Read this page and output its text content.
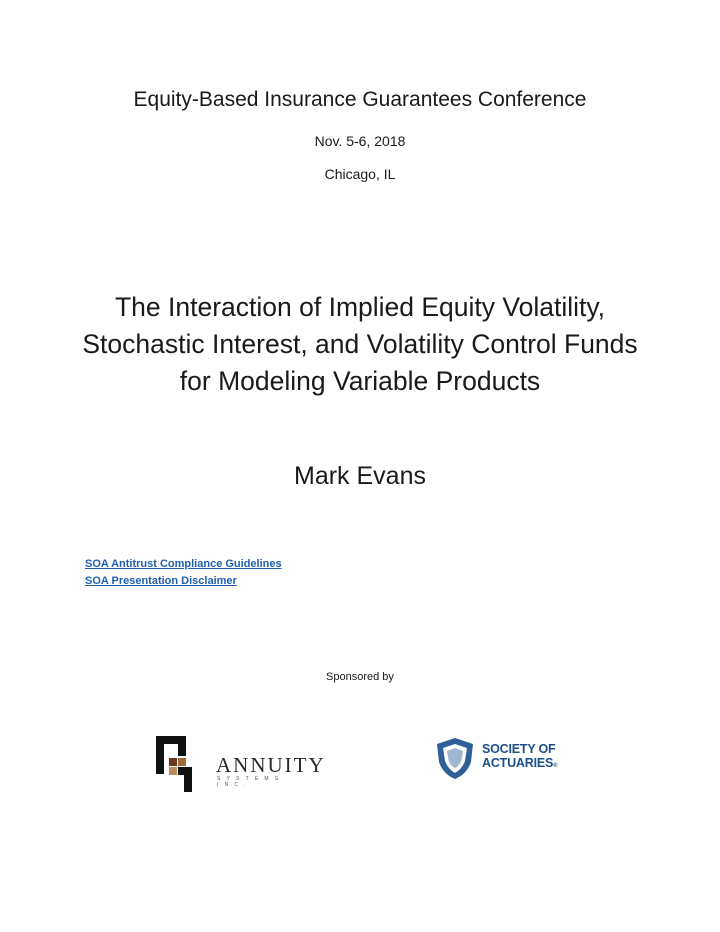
Equity-Based Insurance Guarantees Conference
Nov. 5-6, 2018
Chicago, IL
The Interaction of Implied Equity Volatility,
Stochastic Interest, and Volatility Control Funds
for Modeling Variable Products
Mark Evans
SOA Antitrust Compliance Guidelines
SOA Presentation Disclaimer
Sponsored by
ANNUITY
SYSTEMS INC.
SOCIETY OF
ACTUARIES®
